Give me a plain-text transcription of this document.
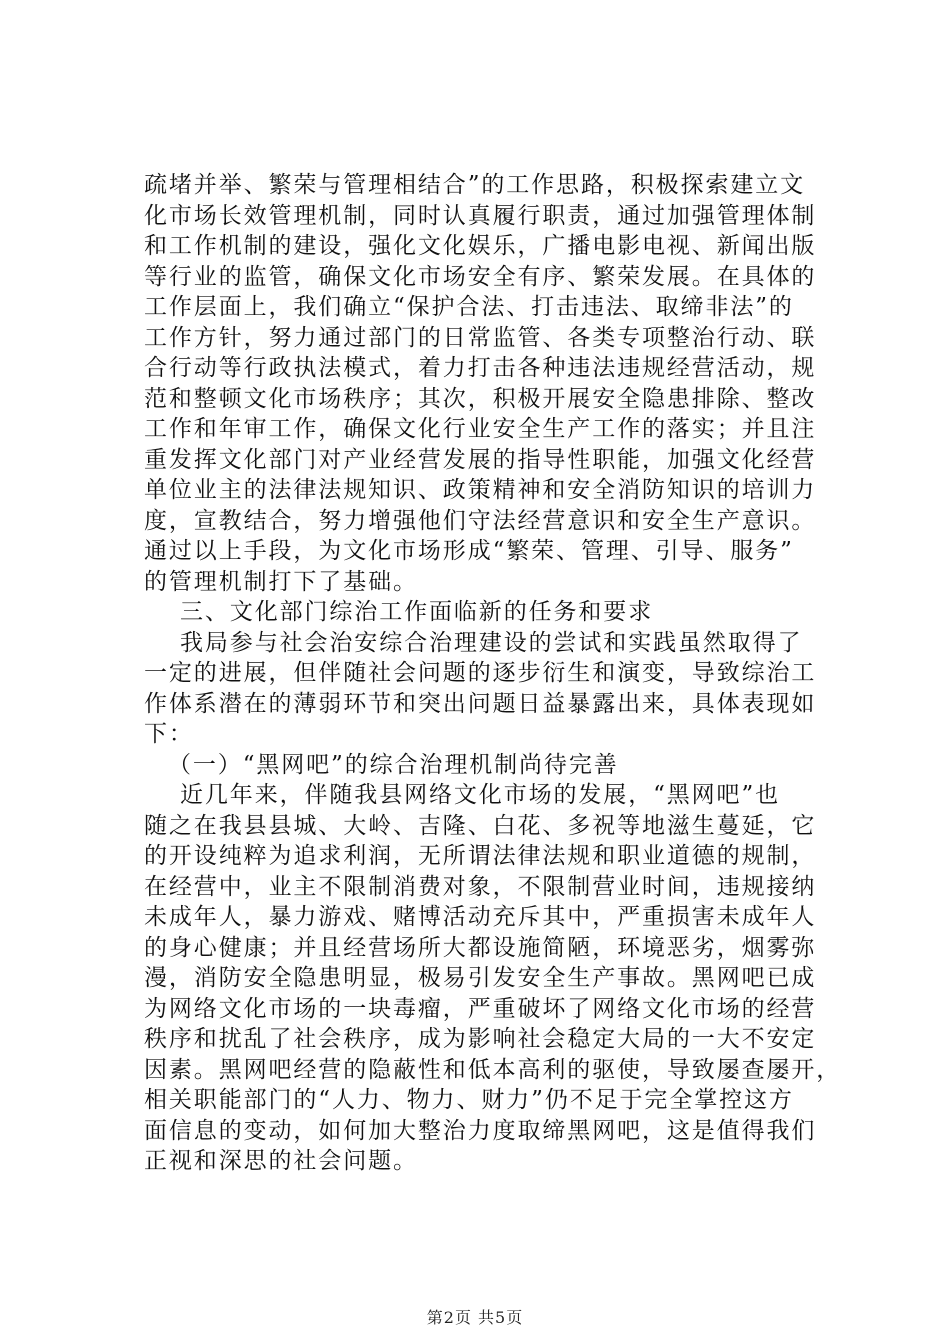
疏堵并举、繁荣与管理相结合”的工作思路，积极探索建立文
化市场长效管理机制，同时认真履行职责，通过加强管理体制
和工作机制的建设，强化文化娱乐，广播电影电视、新闻出版
等行业的监管，确保文化市场安全有序、繁荣发展。在具体的
工作层面上，我们确立“保护合法、打击违法、取缔非法”的
工作方针，努力通过部门的日常监管、各类专项整治行动、联
合行动等行政执法模式，着力打击各种违法违规经营活动，规
范和整顿文化市场秩序；其次，积极开展安全隐患排除、整改
工作和年审工作，确保文化行业安全生产工作的落实；并且注
重发挥文化部门对产业经营发展的指导性职能，加强文化经营
单位业主的法律法规知识、政策精神和安全消防知识的培训力
度，宣教结合，努力增强他们守法经营意识和安全生产意识。
通过以上手段，为文化市场形成“繁荣、管理、引导、服务”
的管理机制打下了基础。
三、文化部门综治工作面临新的任务和要求
我局参与社会治安综合治理建设的尝试和实践虽然取得了
一定的进展，但伴随社会问题的逐步衍生和演变，导致综治工
作体系潜在的薄弱环节和突出问题日益暴露出来，具体表现如
下：
（一）“黑网吧”的综合治理机制尚待完善
近几年来，伴随我县网络文化市场的发展，“黑网吧”也
随之在我县县城、大岭、吉隆、白花、多祝等地滋生蔓延，它
的开设纯粹为追求利润，无所谓法律法规和职业道德的规制，
在经营中，业主不限制消费对象，不限制营业时间，违规接纳
未成年人，暴力游戏、赌博活动充斥其中，严重损害未成年人
的身心健康；并且经营场所大都设施简陋，环境恶劣，烟雾弥
漫，消防安全隐患明显，极易引发安全生产事故。黑网吧已成
为网络文化市场的一块毒瘤，严重破坏了网络文化市场的经营
秩序和扰乱了社会秩序，成为影响社会稳定大局的一大不安定
因素。黑网吧经营的隐蔽性和低本高利的驱使，导致屡查屡开，
相关职能部门的“人力、物力、财力”仍不足于完全掌控这方
面信息的变动，如何加大整治力度取缔黑网吧，这是值得我们
正视和深思的社会问题。
第2页 共5页
